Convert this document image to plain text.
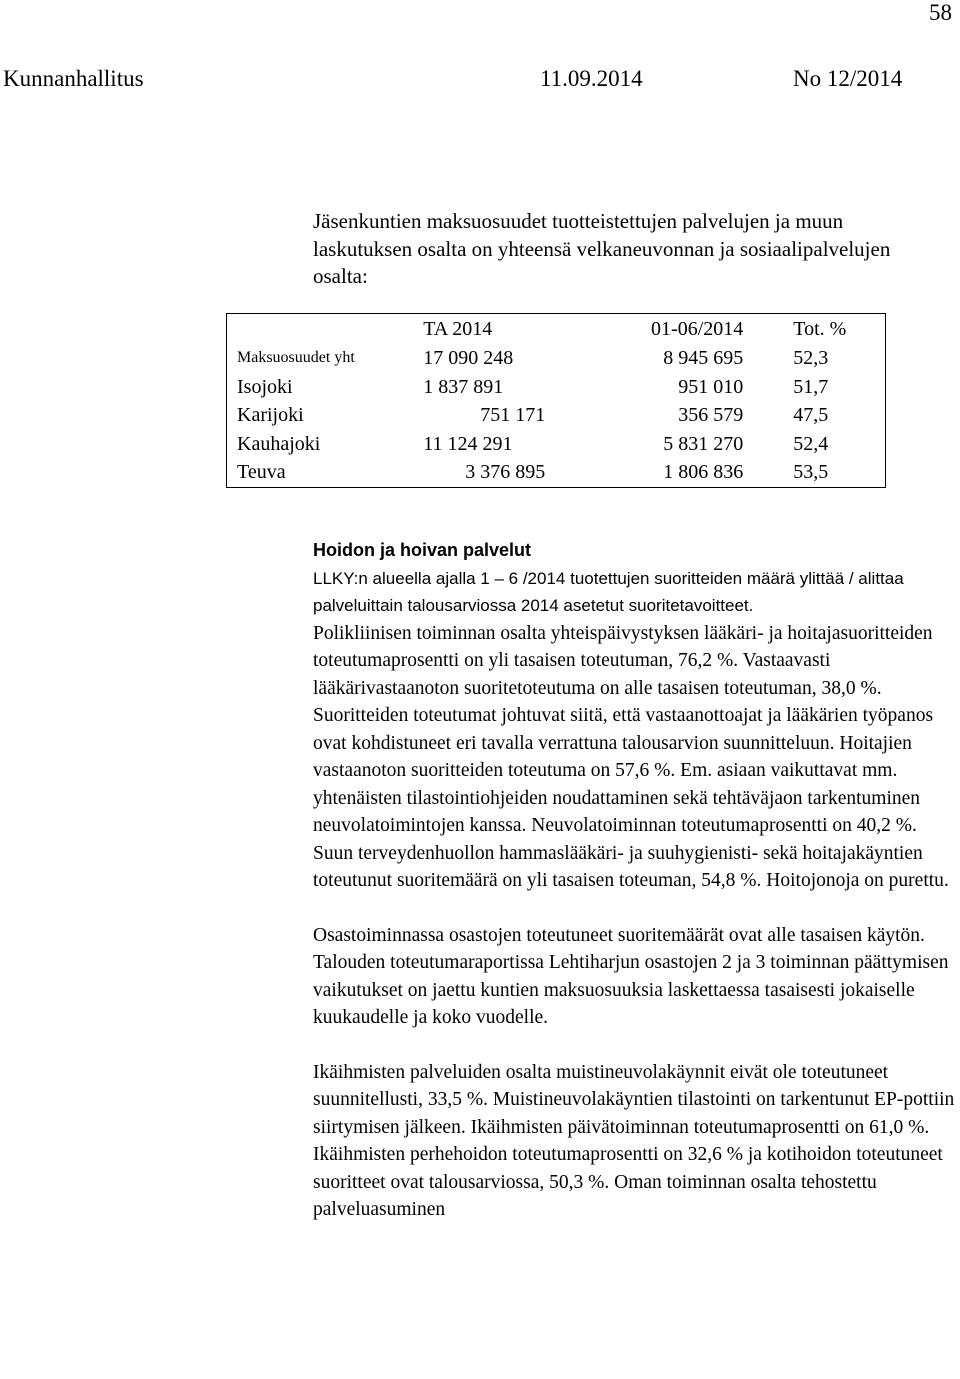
58
Kunnanhallitus	11.09.2014	No 12/2014

Jäsenkuntien maksuosuudet tuotteistettujen palvelujen ja muun laskutuksen osalta on yhteensä velkaneuvonnan ja sosiaalipalvelujen osalta:

	TA 2014	01-06/2014	Tot. %
Maksuosuudet yht	17 090 248	8 945 695	52,3
Isojoki	1 837 891	951 010	51,7
Karijoki	751 171	356 579	47,5
Kauhajoki	11 124 291	5 831 270	52,4
Teuva	3 376 895	1 806 836	53,5

Hoidon ja hoivan palvelut

LLKY:n alueella ajalla 1 – 6 /2014 tuotettujen suoritteiden määrä ylittää / alittaa palveluittain talousarviossa 2014 asetetut suoritetavoitteet.

Polikliinisen toiminnan osalta yhteispäivystyksen lääkäri- ja hoitajasuoritteiden toteutumaprosentti on yli tasaisen toteutuman, 76,2 %. Vastaavasti lääkärivastaanoton suoritetoteutuma on alle tasaisen toteutuman, 38,0 %. Suoritteiden toteutumat johtuvat siitä, että vastaanottoajat ja lääkärien työpanos ovat kohdistuneet eri tavalla verrattuna talousarvion suunnitteluun. Hoitajien vastaanoton suoritteiden toteutuma on 57,6 %. Em. asiaan vaikuttavat mm. yhtenäisten tilastointiohjeiden noudattaminen sekä tehtäväjaon tarkentuminen neuvolatoimintojen kanssa. Neuvolatoiminnan toteutumaprosentti on 40,2 %. Suun terveydenhuollon hammaslääkäri- ja suuhygienisti- sekä hoitajakäyntien toteutunut suoritemäärä on yli tasaisen toteuman, 54,8 %. Hoitojonoja on purettu.

Osastoiminnassa osastojen toteutuneet suoritemäärät ovat alle tasaisen käytön. Talouden toteutumaraportissa Lehtiharjun osastojen 2 ja 3 toiminnan päättymisen vaikutukset on jaettu kuntien maksuosuuksia laskettaessa tasaisesti jokaiselle kuukaudelle ja koko vuodelle.

Ikäihmisten palveluiden osalta muistineuvolakäynnit eivät ole toteutuneet suunnitellusti, 33,5 %. Muistineuvolakäyntien tilastointi on tarkentunut EP-pottiin siirtymisen jälkeen. Ikäihmisten päivätoiminnan toteutumaprosentti on 61,0 %. Ikäihmisten perhehoidon toteutumaprosentti on 32,6 % ja kotihoidon toteutuneet suoritteet ovat talousarviossa, 50,3 %. Oman toiminnan osalta tehostettu palveluasuminen
